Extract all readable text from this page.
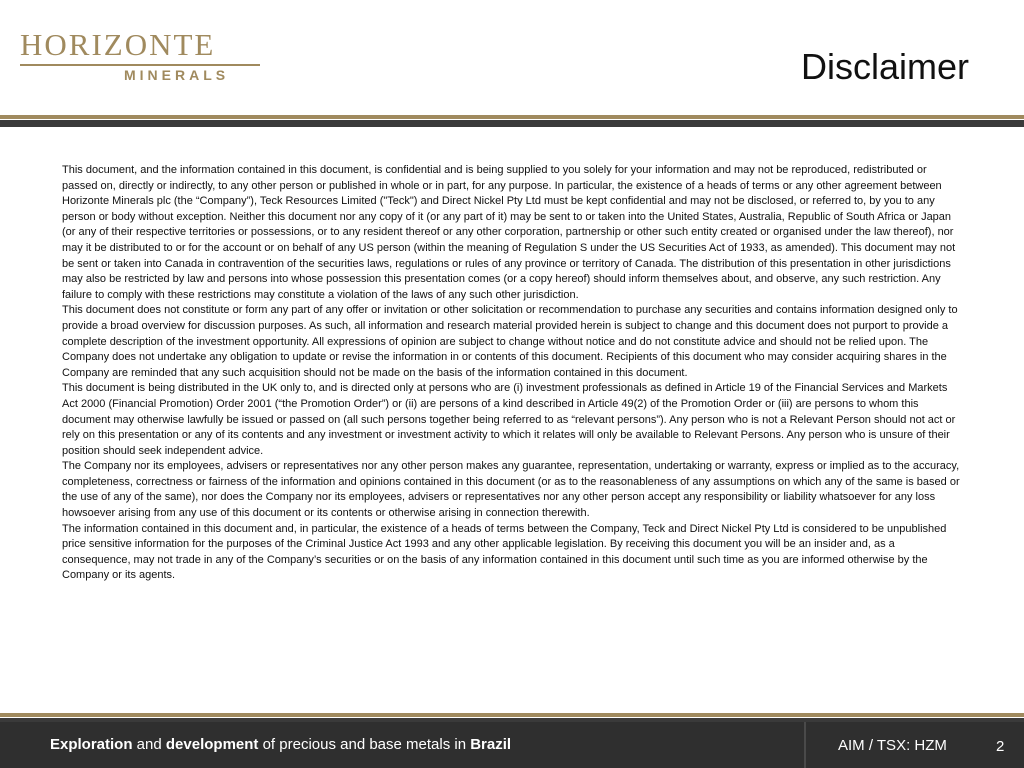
HORIZONTE
MINERALS	Disclaimer

This document, and the information contained in this document, is confidential and is being supplied to you solely for your information and may not be reproduced, redistributed or passed on, directly or indirectly, to any other person or published in whole or in part, for any purpose. In particular, the existence of a heads of terms or any other agreement between Horizonte Minerals plc (the “Company”), Teck Resources Limited ("Teck") and Direct Nickel Pty Ltd must be kept confidential and may not be disclosed, or referred to, by you to any person or body without exception. Neither this document nor any copy of it (or any part of it) may be sent to or taken into the United States, Australia, Republic of South Africa or Japan (or any of their respective territories or possessions, or to any resident thereof or any other corporation, partnership or other such entity created or organised under the law thereof), nor may it be distributed to or for the account or on behalf of any US person (within the meaning of Regulation S under the US Securities Act of 1933, as amended). This document may not be sent or taken into Canada in contravention of the securities laws, regulations or rules of any province or territory of Canada. The distribution of this presentation in other jurisdictions may also be restricted by law and persons into whose possession this presentation comes (or a copy hereof) should inform themselves about, and observe, any such restriction. Any failure to comply with these restrictions may constitute a violation of the laws of any such other jurisdiction.

This document does not constitute or form any part of any offer or invitation or other solicitation or recommendation to purchase any securities and contains information designed only to provide a broad overview for discussion purposes. As such, all information and research material provided herein is subject to change and this document does not purport to provide a complete description of the investment opportunity. All expressions of opinion are subject to change without notice and do not constitute advice and should not be relied upon. The Company does not undertake any obligation to update or revise the information in or contents of this document. Recipients of this document who may consider acquiring shares in the Company are reminded that any such acquisition should not be made on the basis of the information contained in this document.

This document is being distributed in the UK only to, and is directed only at persons who are (i) investment professionals as defined in Article 19 of the Financial Services and Markets Act 2000 (Financial Promotion) Order 2001 (“the Promotion Order”) or (ii) are persons of a kind described in Article 49(2) of the Promotion Order or (iii) are persons to whom this document may otherwise lawfully be issued or passed on (all such persons together being referred to as “relevant persons”). Any person who is not a Relevant Person should not act or rely on this presentation or any of its contents and any investment or investment activity to which it relates will only be available to Relevant Persons. Any person who is unsure of their position should seek independent advice.

The Company nor its employees, advisers or representatives nor any other person makes any guarantee, representation, undertaking or warranty, express or implied as to the accuracy, completeness, correctness or fairness of the information and opinions contained in this document (or as to the reasonableness of any assumptions on which any of the same is based or the use of any of the same), nor does the Company nor its employees, advisers or representatives nor any other person accept any responsibility or liability whatsoever for any loss howsoever arising from any use of this document or its contents or otherwise arising in connection therewith.

The information contained in this document and, in particular, the existence of a heads of terms between the Company, Teck and Direct Nickel Pty Ltd is considered to be unpublished price sensitive information for the purposes of the Criminal Justice Act 1993 and any other applicable legislation. By receiving this document you will be an insider and, as a consequence, may not trade in any of the Company’s securities or on the basis of any information contained in this document until such time as you are informed otherwise by the Company or its agents.

Exploration and development of precious and base metals in Brazil	AIM / TSX: HZM	2
